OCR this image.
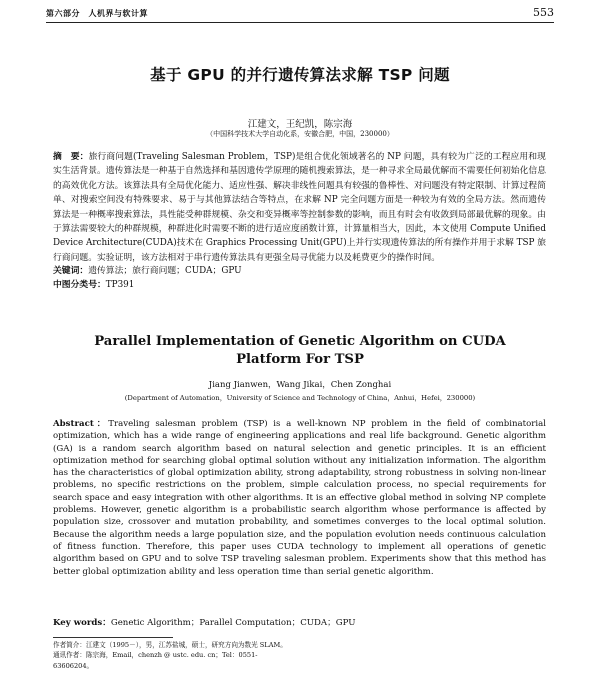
第六部分　人机界与软计算	553
基于 GPU 的并行遗传算法求解 TSP 问题
江建文，王纪凯，陈宗海
（中国科学技术大学自动化系，安徽合肥，中国，230000）
摘　要：旅行商问题(Traveling Salesman Problem，TSP)是组合优化领域著名的 NP 问题，具有较为广泛的工程应用和现实生活背景。遗传算法是一种基于自然选择和基因遗传学原理的随机搜索算法，是一种寻求全局最优解而不需要任何初始化信息的高效优化方法。该算法具有全局优化能力、适应性强、解决非线性问题具有较强的鲁棒性、对问题没有特定限制、计算过程简单、对搜索空间没有特殊要求、易于与其他算法结合等特点，在求解 NP 完全问题方面是一种较为有效的全局方法。然而遗传算法是一种概率搜索算法，具性能受种群规模、杂交和变异概率等控制参数的影响，而且有时会有收敛到局部最优解的现象。由于算法需要较大的种群规模，种群进化时需要不断的进行适应度函数计算，计算量相当大，因此，本文使用 Compute Unified Device Architecture(CUDA)技术在 Graphics Processing Unit(GPU)上并行实现遗传算法的所有操作并用于求解 TSP 旅行商问题。实验证明，该方法相对于串行遗传算法具有更强全局寻优能力以及耗费更少的操作时间。
关键词：遗传算法；旅行商问题；CUDA；GPU
中图分类号：TP391
Parallel Implementation of Genetic Algorithm on CUDA
Platform For TSP
Jiang Jianwen，Wang Jikai，Chen Zonghai
(Department of Automation，University of Science and Technology of China，Anhui，Hefei，230000)
Abstract：Traveling salesman problem (TSP) is a well-known NP problem in the field of combinatorial optimization, which has a wide range of engineering applications and real life background. Genetic algorithm (GA) is a random search algorithm based on natural selection and genetic principles. It is an efficient optimization method for searching global optimal solution without any initialization information. The algorithm has the characteristics of global optimization ability, strong adaptability, strong robustness in solving non-linear problems, no specific restrictions on the problem, simple calculation process, no special requirements for search space and easy integration with other algorithms. It is an effective global method in solving NP complete problems. However, genetic algorithm is a probabilistic search algorithm whose performance is affected by population size, crossover and mutation probability, and sometimes converges to the local optimal solution. Because the algorithm needs a large population size, and the population evolution needs continuous calculation of fitness function. Therefore, this paper uses CUDA technology to implement all operations of genetic algorithm based on GPU and to solve TSP traveling salesman problem. Experiments show that this method has better global optimization ability and less operation time than serial genetic algorithm.
Key words：Genetic Algorithm；Parallel Computation；CUDA；GPU
作者简介：江建文（1995－），男，江苏盐城，硕士，研究方向为数光 SLAM。
通讯作者：陈宗海，Email，chenzh @ ustc. edu. cn；Tel：0551-63606204。
